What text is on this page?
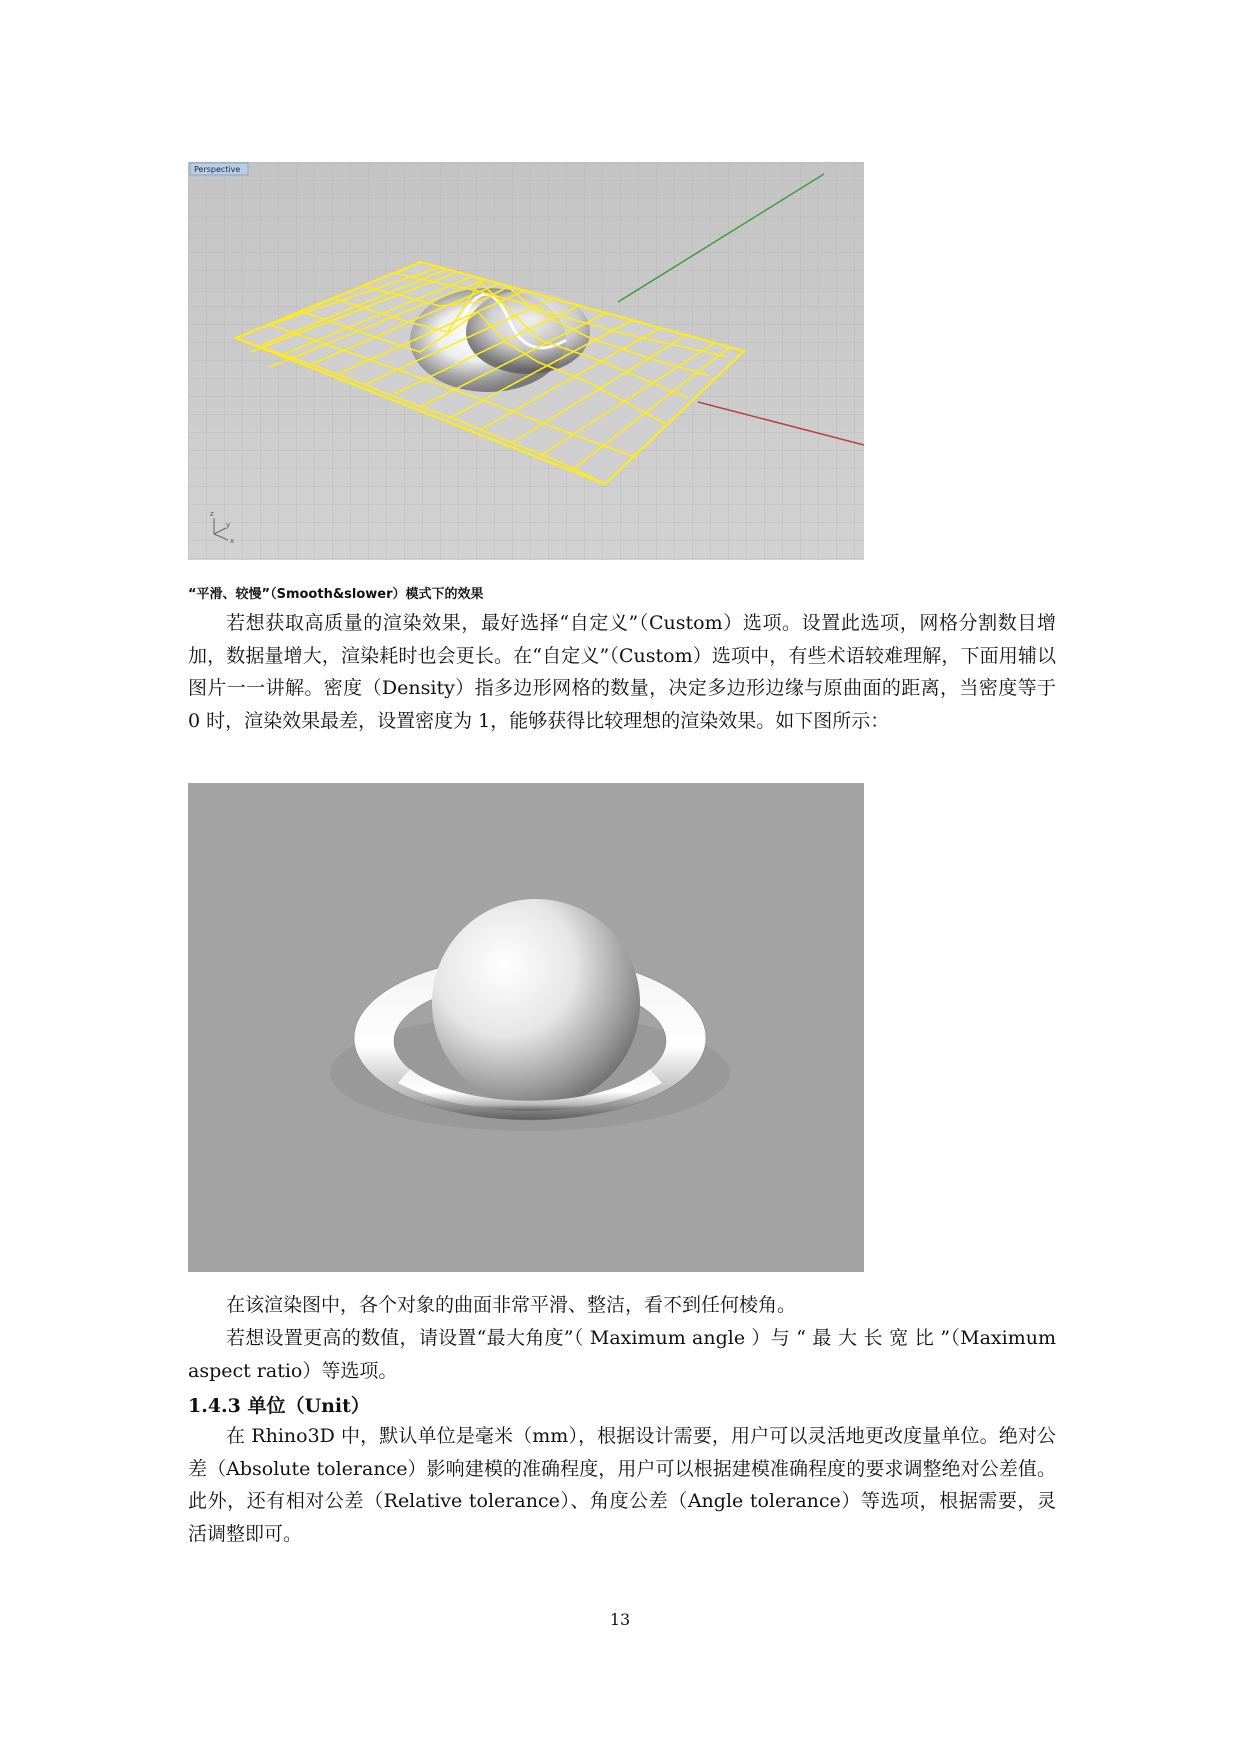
Perspective
z
y
x
“平滑、较慢”（Smooth&slower）模式下的效果

若想获取高质量的渲染效果，最好选择“自定义”（Custom）选项。设置此选项，网格分割数目增加，数据量增大，渲染耗时也会更长。在“自定义”（Custom）选项中，有些术语较难理解，下面用辅以图片一一讲解。密度（Density）指多边形网格的数量，决定多边形边缘与原曲面的距离，当密度等于 0 时，渲染效果最差，设置密度为 1，能够获得比较理想的渲染效果。如下图所示：

在该渲染图中，各个对象的曲面非常平滑、整洁，看不到任何棱角。

若想设置更高的数值，请设置“最大角度”（ Maximum angle ）与 “ 最 大 长 宽 比 ”（Maximum aspect ratio）等选项。

1.4.3 单位（Unit）

在 Rhino3D 中，默认单位是毫米（mm），根据设计需要，用户可以灵活地更改度量单位。绝对公差（Absolute tolerance）影响建模的准确程度，用户可以根据建模准确程度的要求调整绝对公差值。此外，还有相对公差（Relative tolerance）、角度公差（Angle tolerance）等选项，根据需要，灵活调整即可。

13
